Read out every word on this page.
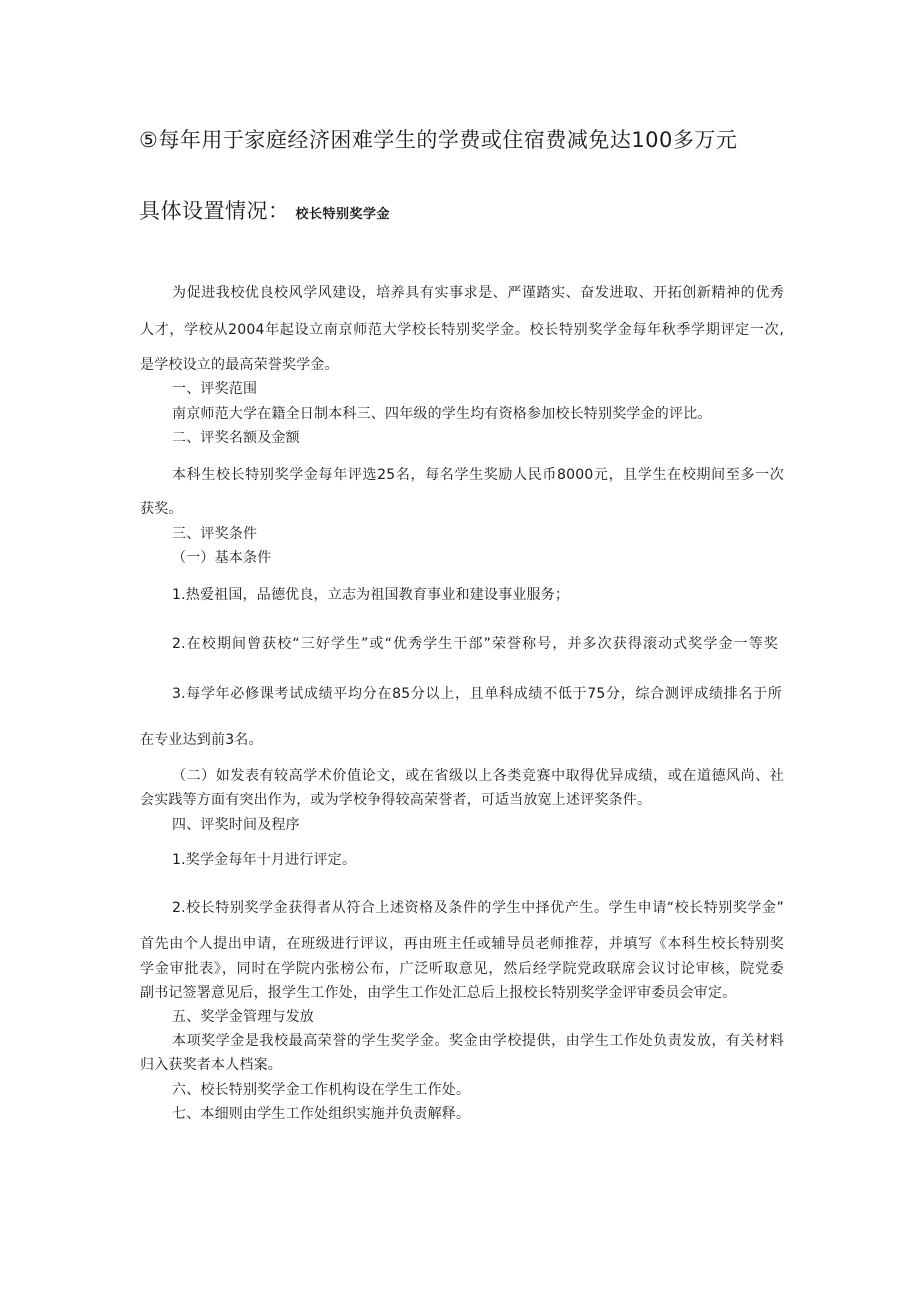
⑤每年用于家庭经济困难学生的学费或住宿费减免达100多万元
具体设置情况： 校长特别奖学金
为促进我校优良校风学风建设，培养具有实事求是、严谨踏实、奋发进取、开拓创新精神的优秀
人才，学校从2004年起设立南京师范大学校长特别奖学金。校长特别奖学金每年秋季学期评定一次,
是学校设立的最高荣誉奖学金。
一、评奖范围
南京师范大学在籍全日制本科三、四年级的学生均有资格参加校长特别奖学金的评比。
二、评奖名额及金额
本科生校长特别奖学金每年评选25名，每名学生奖励人民币8000元，且学生在校期间至多一次
获奖。
三、评奖条件
（一）基本条件
1.热爱祖国，品德优良，立志为祖国教育事业和建设事业服务；
2.在校期间曾获校“三好学生”或“优秀学生干部”荣誉称号，并多次获得滚动式奖学金一等奖
3.每学年必修课考试成绩平均分在85分以上，且单科成绩不低于75分，综合测评成绩排名于所
在专业达到前3名。
（二）如发表有较高学术价值论文，或在省级以上各类竞赛中取得优异成绩，或在道德风尚、社
会实践等方面有突出作为，或为学校争得较高荣誉者，可适当放宽上述评奖条件。
四、评奖时间及程序
1.奖学金每年十月进行评定。
2.校长特别奖学金获得者从符合上述资格及条件的学生中择优产生。学生申请“校长特别奖学金”
首先由个人提出申请，在班级进行评议，再由班主任或辅导员老师推荐，并填写《本科生校长特别奖
学金审批表》，同时在学院内张榜公布，广泛听取意见，然后经学院党政联席会议讨论审核，院党委
副书记签署意见后，报学生工作处，由学生工作处汇总后上报校长特别奖学金评审委员会审定。
五、奖学金管理与发放
本项奖学金是我校最高荣誉的学生奖学金。奖金由学校提供，由学生工作处负责发放，有关材料
归入获奖者本人档案。
六、校长特别奖学金工作机构设在学生工作处。
七、本细则由学生工作处组织实施并负责解释。
